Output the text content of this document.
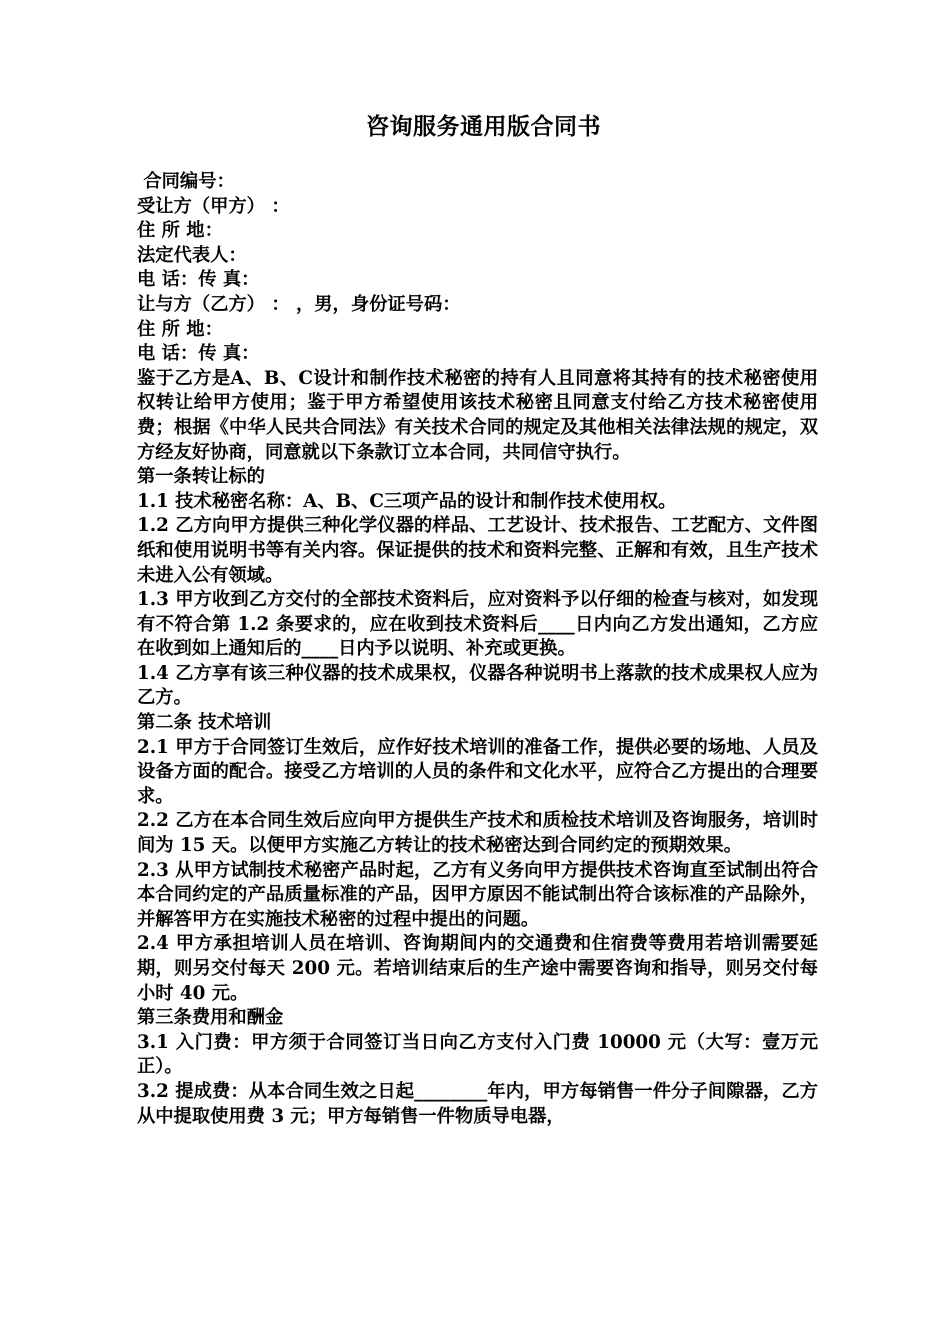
咨询服务通用版合同书
合同编号：
受让方（甲方） ：
住 所 地：
法定代表人：
电 话：传 真：
让与方（乙方） ： ，男，身份证号码：
住 所 地：
电 话：传 真：
鉴于乙方是A、B、C设计和制作技术秘密的持有人且同意将其持有的技术秘密使用权转让给甲方使用；鉴于甲方希望使用该技术秘密且同意支付给乙方技术秘密使用费；根据《中华人民共合同法》有关技术合同的规定及其他相关法律法规的规定，双方经友好协商，同意就以下条款订立本合同，共同信守执行。
第一条转让标的
1.1 技术秘密名称：A、B、C三项产品的设计和制作技术使用权。
1.2 乙方向甲方提供三种化学仪器的样品、工艺设计、技术报告、工艺配方、文件图纸和使用说明书等有关内容。保证提供的技术和资料完整、正解和有效，且生产技术未进入公有领域。
1.3 甲方收到乙方交付的全部技术资料后，应对资料予以仔细的检查与核对，如发现有不符合第 1.2 条要求的，应在收到技术资料后____日内向乙方发出通知，乙方应在收到如上通知后的____日内予以说明、补充或更换。
1.4 乙方享有该三种仪器的技术成果权，仪器各种说明书上落款的技术成果权人应为乙方。
第二条 技术培训
2.1 甲方于合同签订生效后，应作好技术培训的准备工作，提供必要的场地、人员及设备方面的配合。接受乙方培训的人员的条件和文化水平，应符合乙方提出的合理要求。
2.2 乙方在本合同生效后应向甲方提供生产技术和质检技术培训及咨询服务，培训时间为 15 天。以便甲方实施乙方转让的技术秘密达到合同约定的预期效果。
2.3 从甲方试制技术秘密产品时起，乙方有义务向甲方提供技术咨询直至试制出符合本合同约定的产品质量标准的产品，因甲方原因不能试制出符合该标准的产品除外，并解答甲方在实施技术秘密的过程中提出的问题。
2.4 甲方承担培训人员在培训、咨询期间内的交通费和住宿费等费用若培训需要延期，则另交付每天 200 元。若培训结束后的生产途中需要咨询和指导，则另交付每小时 40 元。
第三条费用和酬金
3.1 入门费：甲方须于合同签订当日向乙方支付入门费 10000 元（大写：壹万元正）。
3.2 提成费：从本合同生效之日起________年内，甲方每销售一件分子间隙器，乙方从中提取使用费 3 元；甲方每销售一件物质导电器，
